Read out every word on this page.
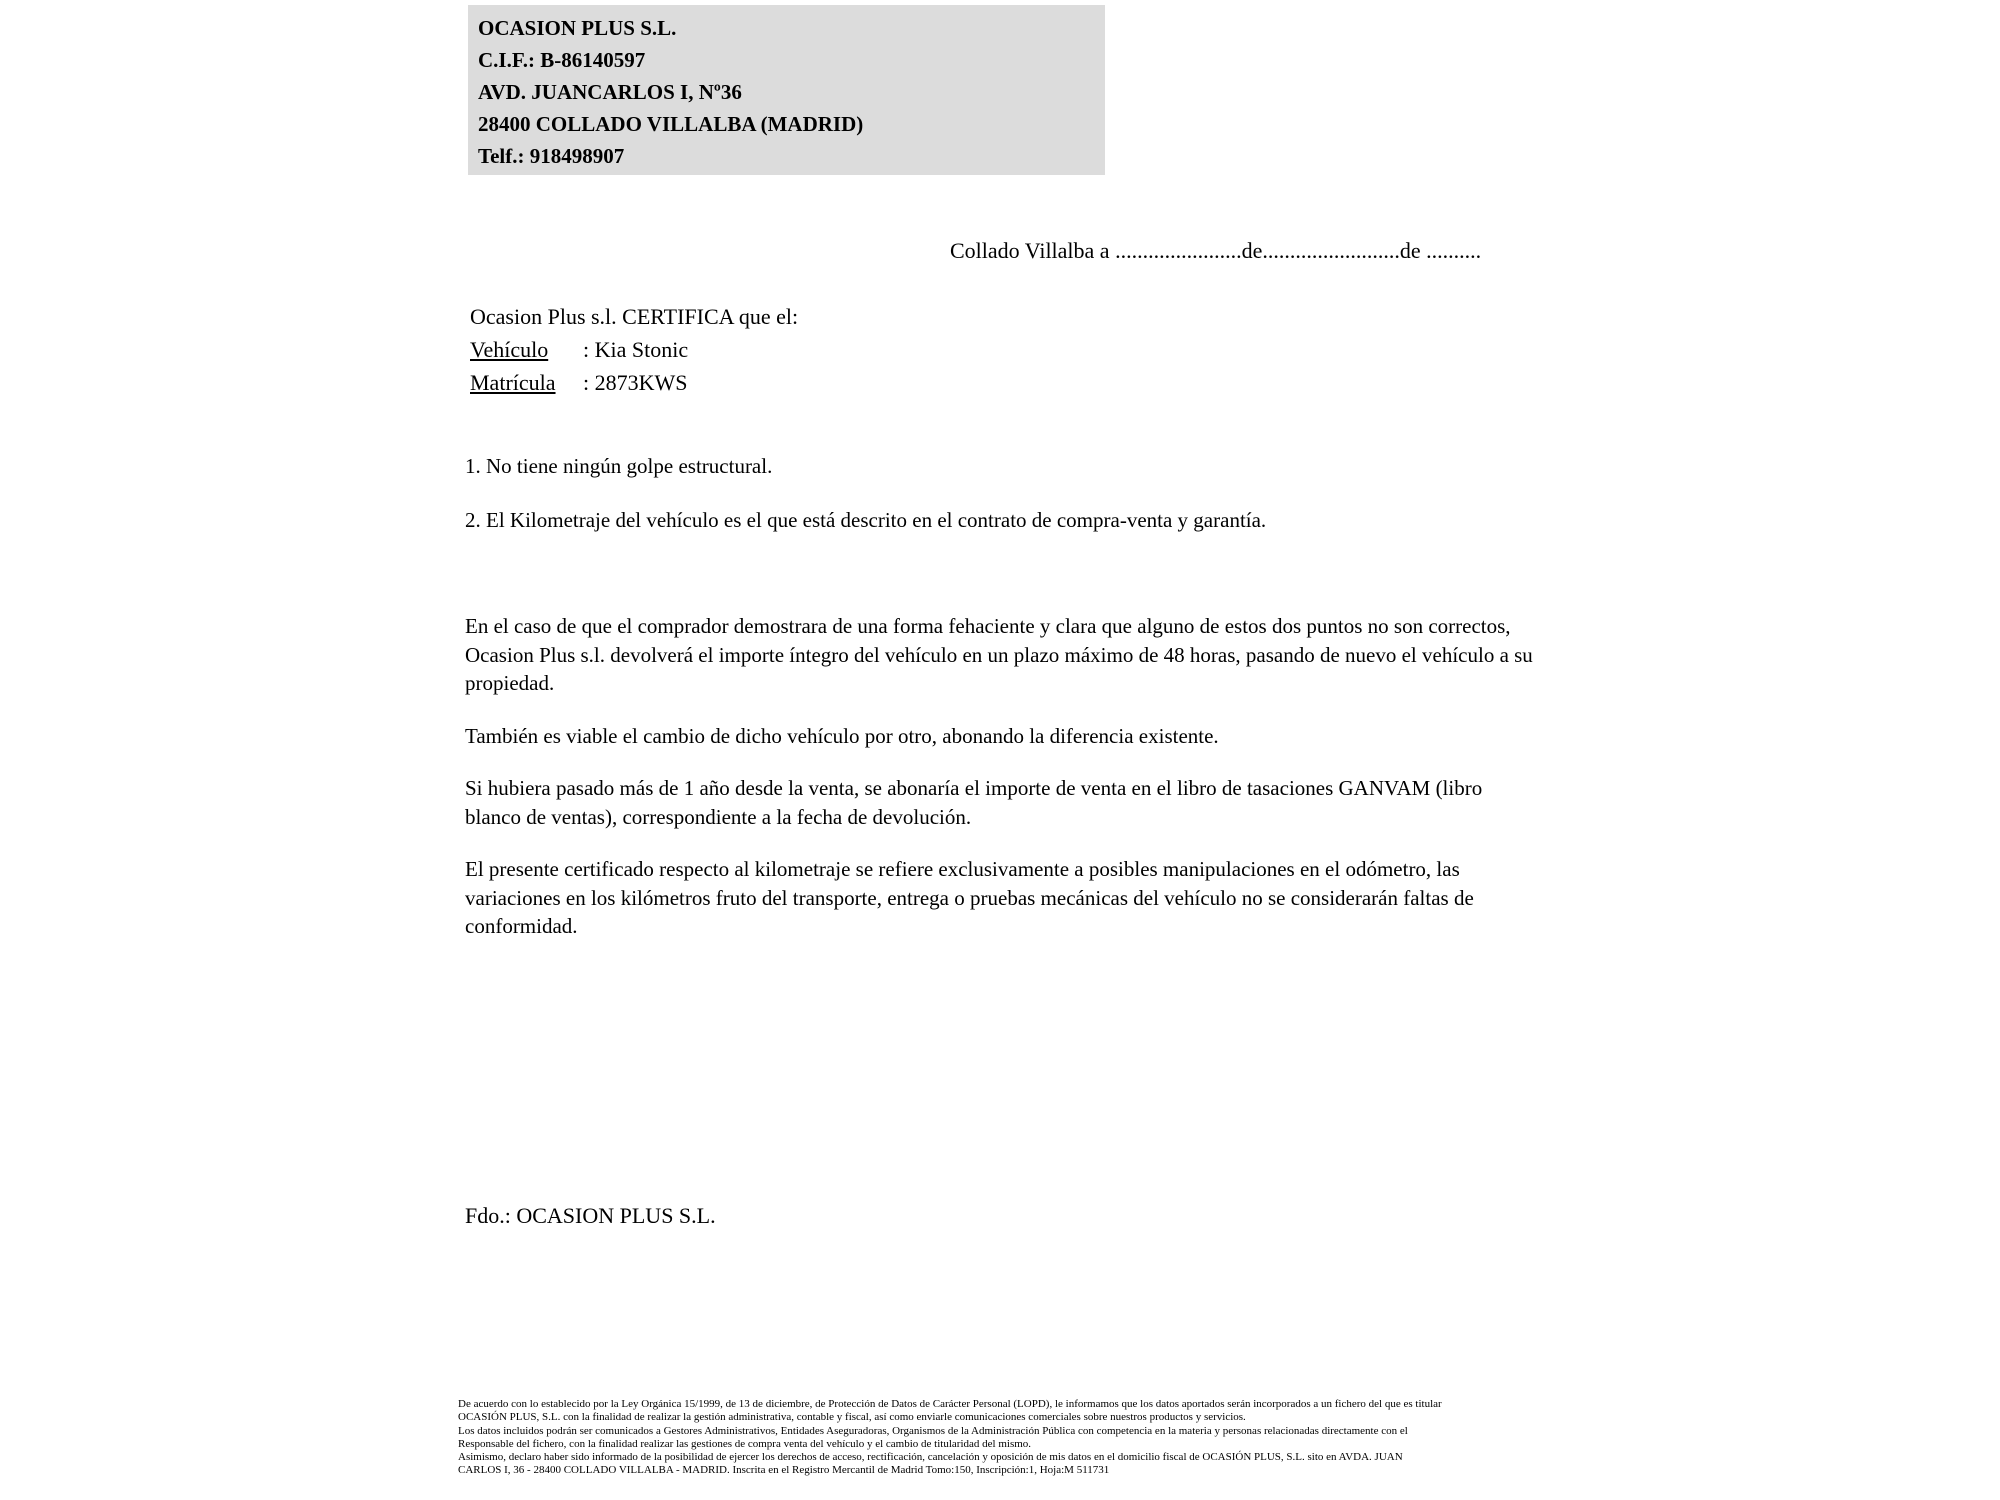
OCASION PLUS S.L.
C.I.F.: B-86140597
AVD. JUANCARLOS I, Nº36
28400 COLLADO VILLALBA (MADRID)
Telf.: 918498907
Collado Villalba a .......................de.........................de ..........
Ocasion Plus s.l. CERTIFICA que el:
Vehículo : Kia Stonic
Matrícula : 2873KWS
1. No tiene ningún golpe estructural.
2. El Kilometraje del vehículo es el que está descrito en el contrato de compra-venta y garantía.

En el caso de que el comprador demostrara de una forma fehaciente y clara que alguno de estos dos puntos no son correctos, Ocasion Plus s.l. devolverá el importe íntegro del vehículo en un plazo máximo de 48 horas, pasando de nuevo el vehículo a su propiedad.

También es viable el cambio de dicho vehículo por otro, abonando la diferencia existente.

Si hubiera pasado más de 1 año desde la venta, se abonaría el importe de venta en el libro de tasaciones GANVAM (libro blanco de ventas), correspondiente a la fecha de devolución.

El presente certificado respecto al kilometraje se refiere exclusivamente a posibles manipulaciones en el odómetro, las variaciones en los kilómetros fruto del transporte, entrega o pruebas mecánicas del vehículo no se considerarán faltas de conformidad.

Fdo.: OCASION PLUS S.L.
De acuerdo con lo establecido por la Ley Orgánica 15/1999, de 13 de diciembre, de Protección de Datos de Carácter Personal (LOPD), le informamos que los datos aportados serán incorporados a un fichero del que es titular
OCASIÓN PLUS, S.L. con la finalidad de realizar la gestión administrativa, contable y fiscal, así como enviarle comunicaciones comerciales sobre nuestros productos y servicios.
Los datos incluidos podrán ser comunicados a Gestores Administrativos, Entidades Aseguradoras, Organismos de la Administración Pública con competencia en la materia y personas relacionadas directamente con el
Responsable del fichero, con la finalidad realizar las gestiones de compra venta del vehículo y el cambio de titularidad del mismo.
Asimismo, declaro haber sido informado de la posibilidad de ejercer los derechos de acceso, rectificación, cancelación y oposición de mis datos en el domicilio fiscal de OCASIÓN PLUS, S.L. sito en AVDA. JUAN
CARLOS I, 36 - 28400 COLLADO VILLALBA - MADRID. Inscrita en el Registro Mercantil de Madrid Tomo:150, Inscripción:1, Hoja:M 511731
